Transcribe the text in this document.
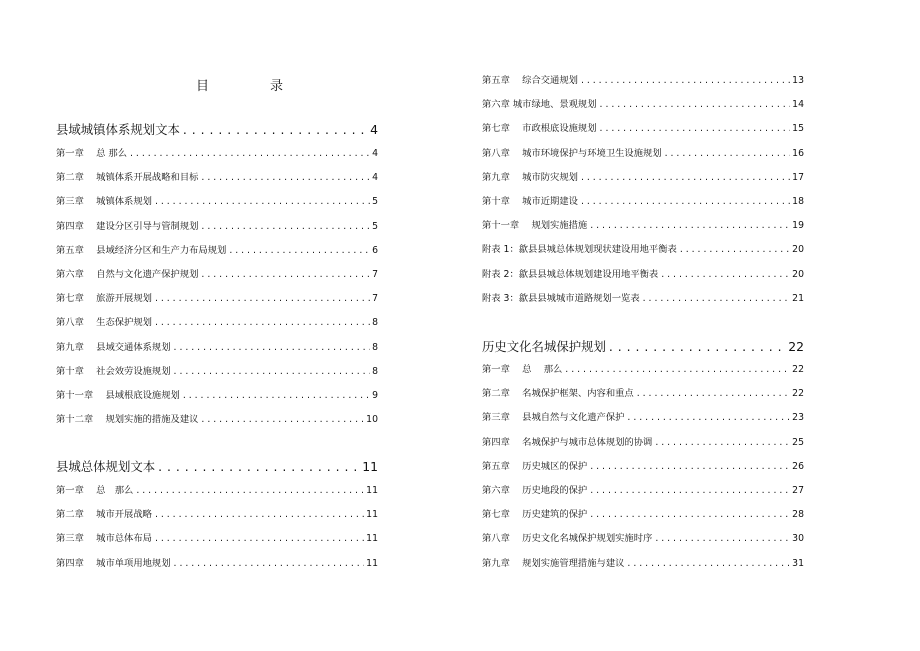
目　录
县域城镇体系规划文本 . . .	4
第一章　 总 那么 . . .	4
第二章　 城镇体系开展战略和目标 . . .	4
第三章　 城镇体系规划 . . .	5
第四章　 建设分区引导与管制规划 . . .	5
第五章　 县域经济分区和生产力布局规划 . . .	6
第六章　 自然与文化遗产保护规划 . . .	7
第七章　 旅游开展规划 . . .	7
第八章　 生态保护规划 . . .	8
第九章　 县域交通体系规划 . . .	8
第十章　 社会效劳设施规划 . . .	8
第十一章　 县域根底设施规划 . . .	9
第十二章　 规划实施的措施及建议 . . .	10
县城总体规划文本 . . .	11
第一章　 总　那么 . . .	11
第二章　 城市开展战略 . . .	11
第三章　 城市总体布局 . . .	11
第四章　 城市单项用地规划 . . .	11
第五章　 综合交通规划 . . .	13
第六章 城市绿地、景观规划 . . .	14
第七章　 市政根底设施规划 . . .	15
第八章　 城市环境保护与环境卫生设施规划 . . .	16
第九章　 城市防灾规划 . . .	17
第十章　 城市近期建设 . . .	18
第十一章　 规划实施措施 . . .	19
附表 1：歙县县城总体规划现状建设用地平衡表 . . .	20
附表 2：歙县县城总体规划建设用地平衡表 . . .	20
附表 3：歙县县城城市道路规划一览表 . . .	21
历史文化名城保护规划 . . .	22
第一章　 总　 那么 . . .	22
第二章　 名城保护框架、内容和重点 . . .	22
第三章　 县城自然与文化遗产保护 . . .	23
第四章　 名城保护与城市总体规划的协调 . . .	25
第五章　 历史城区的保护 . . .	26
第六章　 历史地段的保护 . . .	27
第七章　 历史建筑的保护 . . .	28
第八章　 历史文化名城保护规划实施时序 . . .	30
第九章　 规划实施管理措施与建议 . . .	31
